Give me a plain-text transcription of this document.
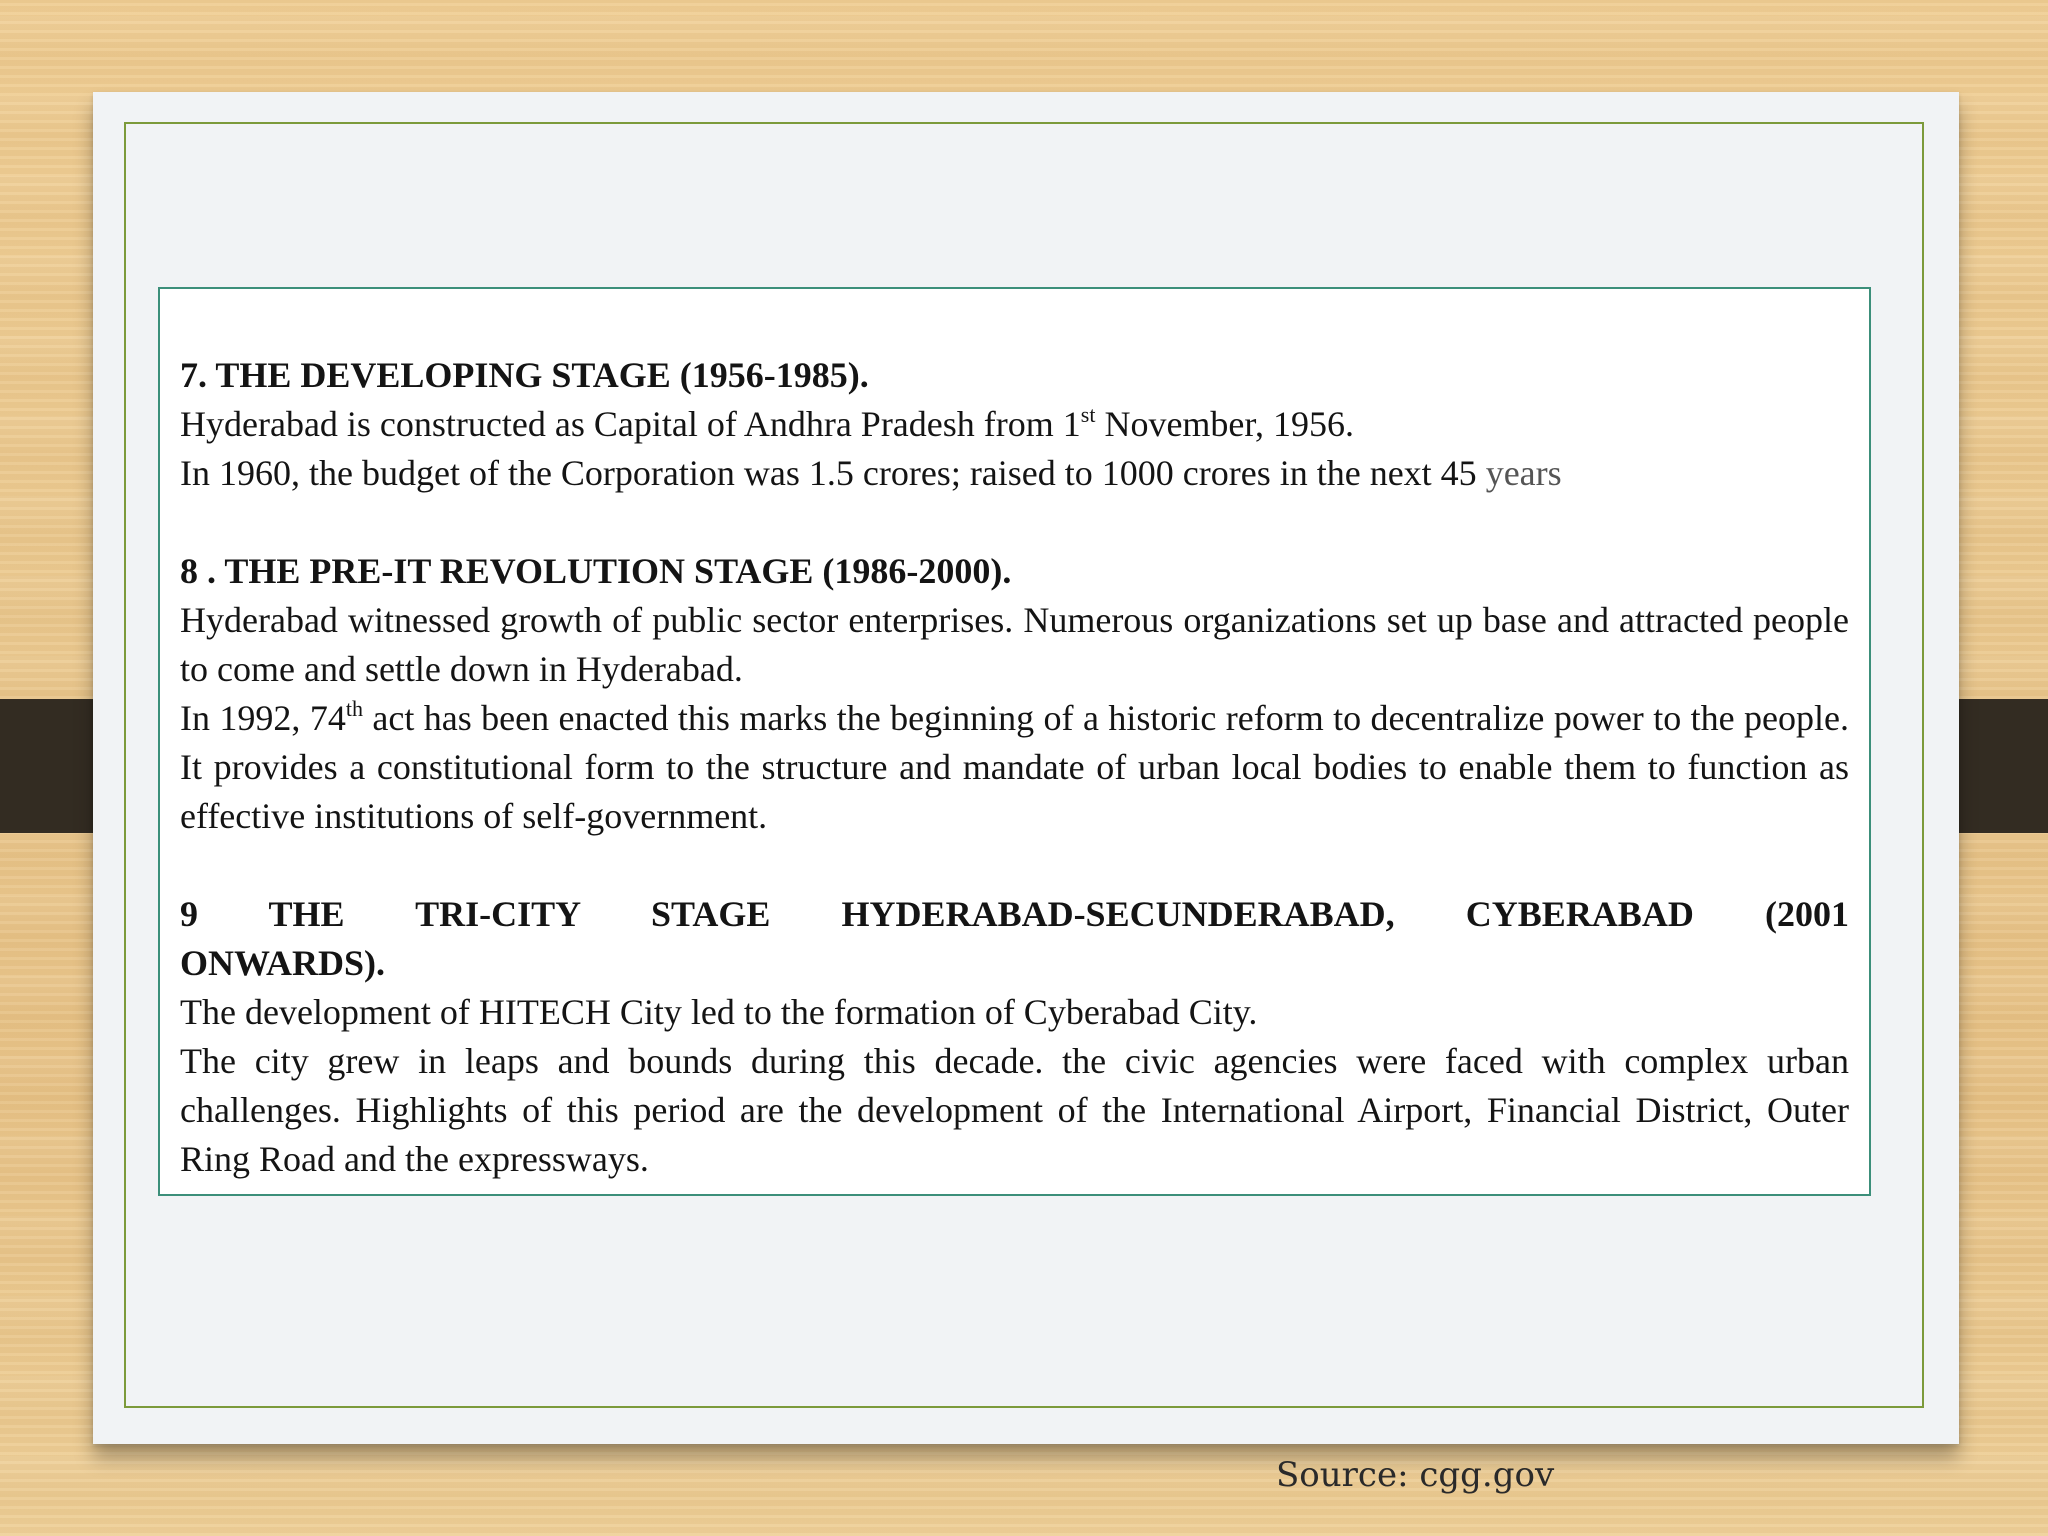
7. THE DEVELOPING STAGE (1956-1985).

Hyderabad is constructed as Capital of Andhra Pradesh from 1st November, 1956.

In 1960, the budget of the Corporation was 1.5 crores; raised to 1000 crores in the next 45 years

8 . THE PRE-IT REVOLUTION STAGE (1986-2000).

Hyderabad witnessed growth of public sector enterprises. Numerous organizations set up base and attracted people to come and settle down in Hyderabad.

In 1992, 74th act has been enacted this marks the beginning of a historic reform to decentralize power to the people. It provides a constitutional form to the structure and mandate of urban local bodies to enable them to function as effective institutions of self-government.

9 THE TRI-CITY STAGE HYDERABAD-SECUNDERABAD, CYBERABAD (2001

ONWARDS).

The development of HITECH City led to the formation of Cyberabad City.

The city grew in leaps and bounds during this decade. the civic agencies were faced with complex urban challenges. Highlights of this period are the development of the International Airport, Financial District, Outer Ring Road and the expressways.

Source: cgg.gov
